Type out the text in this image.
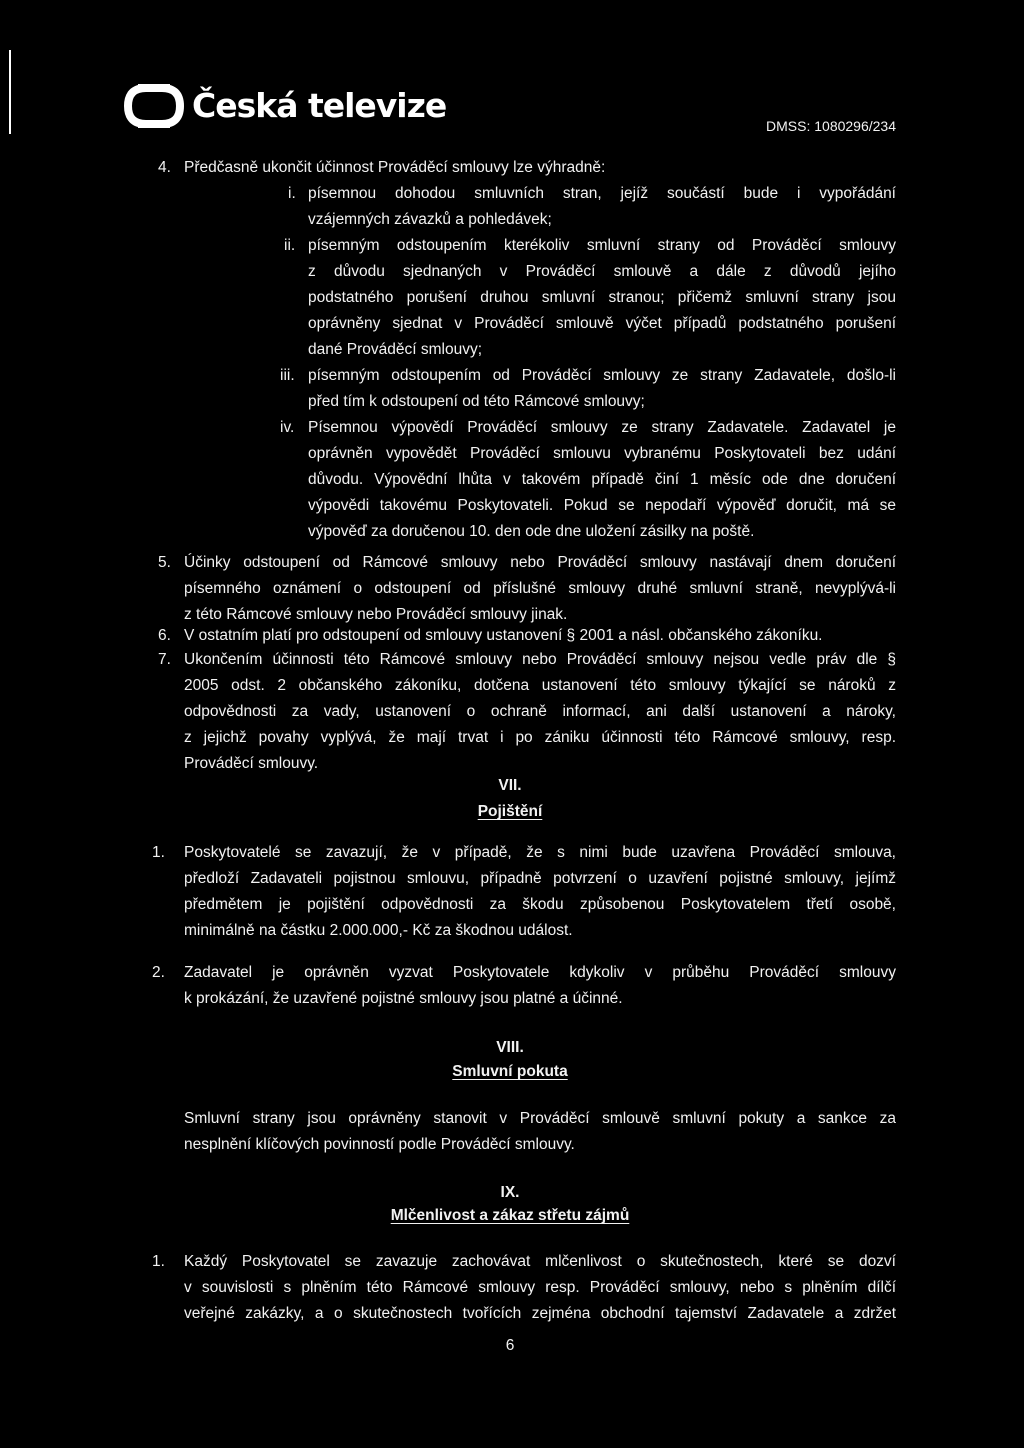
Česká televize
DMSS: 1080296/234
4. Předčasně ukončit účinnost Prováděcí smlouvy lze výhradně:
i. písemnou dohodou smluvních stran, jejíž součástí bude i vypořádání
vzájemných závazků a pohledávek;
ii. písemným odstoupením kterékoliv smluvní strany od Prováděcí smlouvy
z důvodu sjednaných v Prováděcí smlouvě a dále z důvodů jejího
podstatného porušení druhou smluvní stranou; přičemž smluvní strany jsou
oprávněny sjednat v Prováděcí smlouvě výčet případů podstatného porušení
dané Prováděcí smlouvy;
iii. písemným odstoupením od Prováděcí smlouvy ze strany Zadavatele, došlo-li
před tím k odstoupení od této Rámcové smlouvy;
iv. Písemnou výpovědí Prováděcí smlouvy ze strany Zadavatele. Zadavatel je
oprávněn vypovědět Prováděcí smlouvu vybranému Poskytovateli bez udání
důvodu. Výpovědní lhůta v takovém případě činí 1 měsíc ode dne doručení
výpovědi takovému Poskytovateli. Pokud se nepodaří výpověď doručit, má se
výpověď za doručenou 10. den ode dne uložení zásilky na poště.
5. Účinky odstoupení od Rámcové smlouvy nebo Prováděcí smlouvy nastávají dnem doručení
písemného oznámení o odstoupení od příslušné smlouvy druhé smluvní straně, nevyplývá-li
z této Rámcové smlouvy nebo Prováděcí smlouvy jinak.
6. V ostatním platí pro odstoupení od smlouvy ustanovení § 2001 a násl. občanského zákoníku.
7. Ukončením účinnosti této Rámcové smlouvy nebo Prováděcí smlouvy nejsou vedle práv dle §
2005 odst. 2 občanského zákoníku, dotčena ustanovení této smlouvy týkající se nároků z
odpovědnosti za vady, ustanovení o ochraně informací, ani další ustanovení a nároky,
z jejichž povahy vyplývá, že mají trvat i po zániku účinnosti této Rámcové smlouvy, resp.
Prováděcí smlouvy.
VII.
Pojištění
1. Poskytovatelé se zavazují, že v případě, že s nimi bude uzavřena Prováděcí smlouva,
předloží Zadavateli pojistnou smlouvu, případně potvrzení o uzavření pojistné smlouvy, jejímž
předmětem je pojištění odpovědnosti za škodu způsobenou Poskytovatelem třetí osobě,
minimálně na částku 2.000.000,- Kč za škodnou událost.
2. Zadavatel je oprávněn vyzvat Poskytovatele kdykoliv v průběhu Prováděcí smlouvy
k prokázání, že uzavřené pojistné smlouvy jsou platné a účinné.
VIII.
Smluvní pokuta
Smluvní strany jsou oprávněny stanovit v Prováděcí smlouvě smluvní pokuty a sankce za
nesplnění klíčových povinností podle Prováděcí smlouvy.
IX.
Mlčenlivost a zákaz střetu zájmů
1. Každý Poskytovatel se zavazuje zachovávat mlčenlivost o skutečnostech, které se dozví
v souvislosti s plněním této Rámcové smlouvy resp. Prováděcí smlouvy, nebo s plněním dílčí
veřejné zakázky, a o skutečnostech tvořících zejména obchodní tajemství Zadavatele a zdržet
6
